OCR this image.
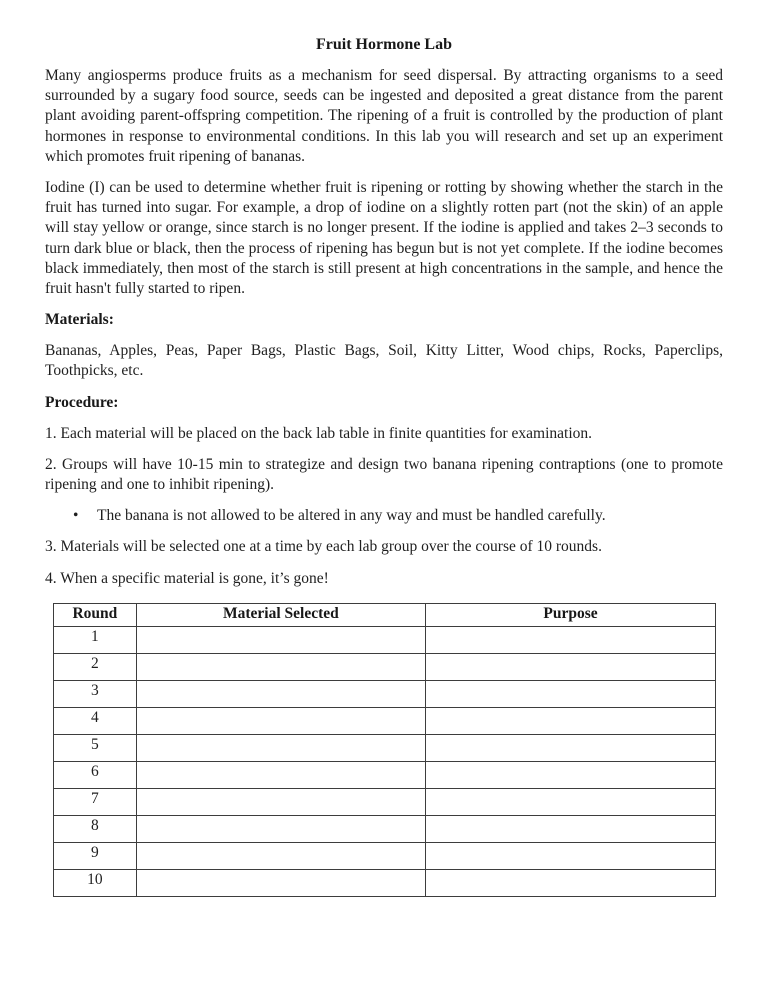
Fruit Hormone Lab

Many angiosperms produce fruits as a mechanism for seed dispersal. By attracting organisms to a seed surrounded by a sugary food source, seeds can be ingested and deposited a great distance from the parent plant avoiding parent-offspring competition. The ripening of a fruit is controlled by the production of plant hormones in response to environmental conditions. In this lab you will research and set up an experiment which promotes fruit ripening of bananas.

Iodine (I) can be used to determine whether fruit is ripening or rotting by showing whether the starch in the fruit has turned into sugar. For example, a drop of iodine on a slightly rotten part (not the skin) of an apple will stay yellow or orange, since starch is no longer present. If the iodine is applied and takes 2–3 seconds to turn dark blue or black, then the process of ripening has begun but is not yet complete. If the iodine becomes black immediately, then most of the starch is still present at high concentrations in the sample, and hence the fruit hasn't fully started to ripen.

Materials:

Bananas, Apples, Peas, Paper Bags, Plastic Bags, Soil, Kitty Litter, Wood chips, Rocks, Paperclips, Toothpicks, etc.

Procedure:

1. Each material will be placed on the back lab table in finite quantities for examination.

2. Groups will have 10-15 min to strategize and design two banana ripening contraptions (one to promote ripening and one to inhibit ripening).

•	The banana is not allowed to be altered in any way and must be handled carefully.

3. Materials will be selected one at a time by each lab group over the course of 10 rounds.

4. When a specific material is gone, it’s gone!

Round	Material Selected	Purpose
1		
2		
3		
4		
5		
6		
7		
8		
9		
10		
